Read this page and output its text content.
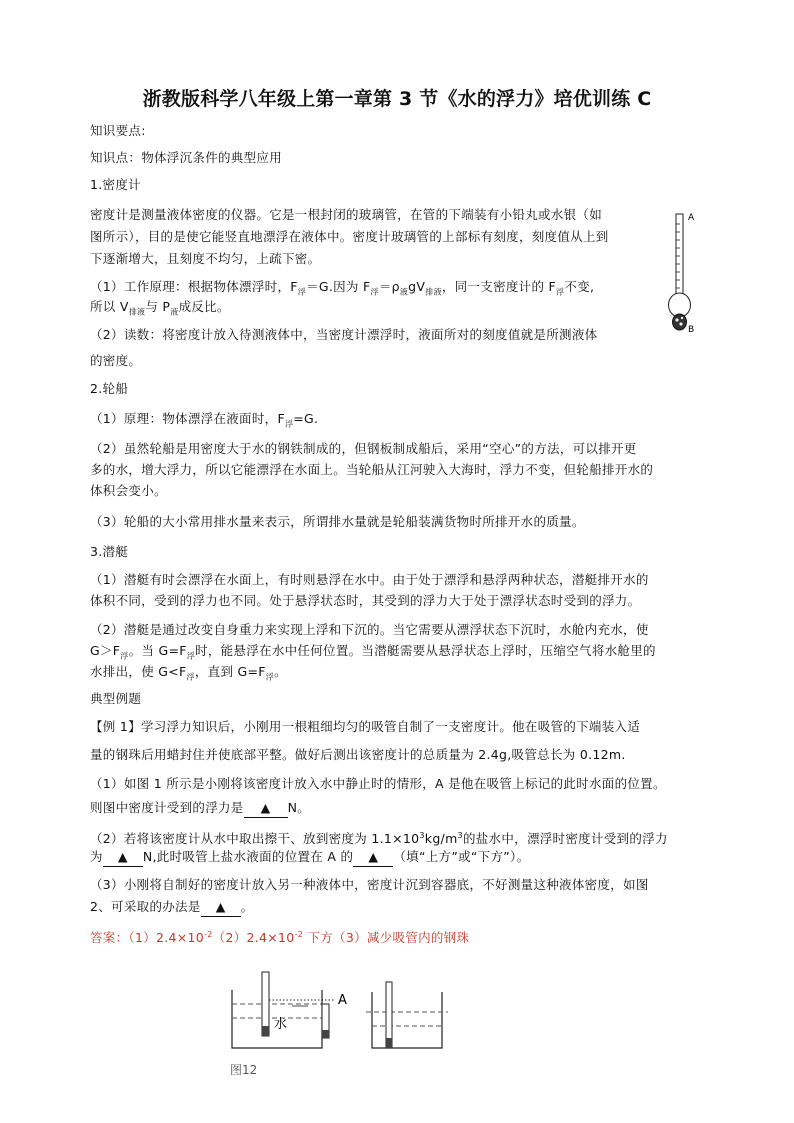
浙教版科学八年级上第一章第 3 节《水的浮力》培优训练 C
知识要点:
知识点：物体浮沉条件的典型应用
1.密度计
密度计是测量液体密度的仪器。它是一根封闭的玻璃管，在管的下端装有小铅丸或水银（如
图所示），目的是使它能竖直地漂浮在液体中。密度计玻璃管的上部标有刻度，刻度值从上到
下逐渐增大，且刻度不均匀，上疏下密。
（1）工作原理：根据物体漂浮时，$F_浮=G$.因为 $F_浮=\rho_液gV_{排液}$，同一支密度计的 $F_浮$不变,
所以 $V_{排液}$与 $P_液$成反比。
（2）读数：将密度计放入待测液体中，当密度计漂浮时，液面所对的刻度值就是所测液体
的密度。
A
B
2.轮船
（1）原理：物体漂浮在液面时，$F_浮=G$.
（2）虽然轮船是用密度大于水的钢铁制成的，但钢板制成船后，采用“空心”的方法，可以排开更
多的水，增大浮力，所以它能漂浮在水面上。当轮船从江河驶入大海时，浮力不变，但轮船排开水的
体积会变小。
（3）轮船的大小常用排水量来表示，所谓排水量就是轮船装满货物时所排开水的质量。
3.潜艇
（1）潜艇有时会漂浮在水面上，有时则悬浮在水中。由于处于漂浮和悬浮两种状态，潜艇排开水的
体积不同，受到的浮力也不同。处于悬浮状态时，其受到的浮力大于处于漂浮状态时受到的浮力。
（2）潜艇是通过改变自身重力来实现上浮和下沉的。当它需要从漂浮状态下沉时，水舱内充水，使
$G>F_浮$。当 $G=F_浮$时，能悬浮在水中任何位置。当潜艇需要从悬浮状态上浮时，压缩空气将水舱里的
水排出，使 $G<F_浮$，直到 $G=F_浮$。
典型例题
【例 1】学习浮力知识后，小刚用一根粗细均匀的吸管自制了一支密度计。他在吸管的下端装入适
量的钢珠后用蜡封住并使底部平整。做好后测出该密度计的总质量为 2.4g,吸管总长为 0.12m.
（1）如图 1 所示是小刚将该密度计放入水中静止时的情形，A 是他在吸管上标记的此时水面的位置。
则图中密度计受到的浮力是 ▲ N。
（2）若将该密度计从水中取出擦干、放到密度为 $1.1\times 10^3kg/m^3$的盐水中，漂浮时密度计受到的浮力
为 ▲ N,此时吸管上盐水液面的位置在 A 的 ▲ （填“上方”或“下方”）。
（3）小刚将自制好的密度计放入另一种液体中，密度计沉到容器底，不好测量这种液体密度，如图
2、可采取的办法是 ▲ 。
答案：$(1)2.4\times 10^{-2}(2)2.4\times 10^{-2}$ 下方（3）减少吸管内的钢珠
水
A
图12
